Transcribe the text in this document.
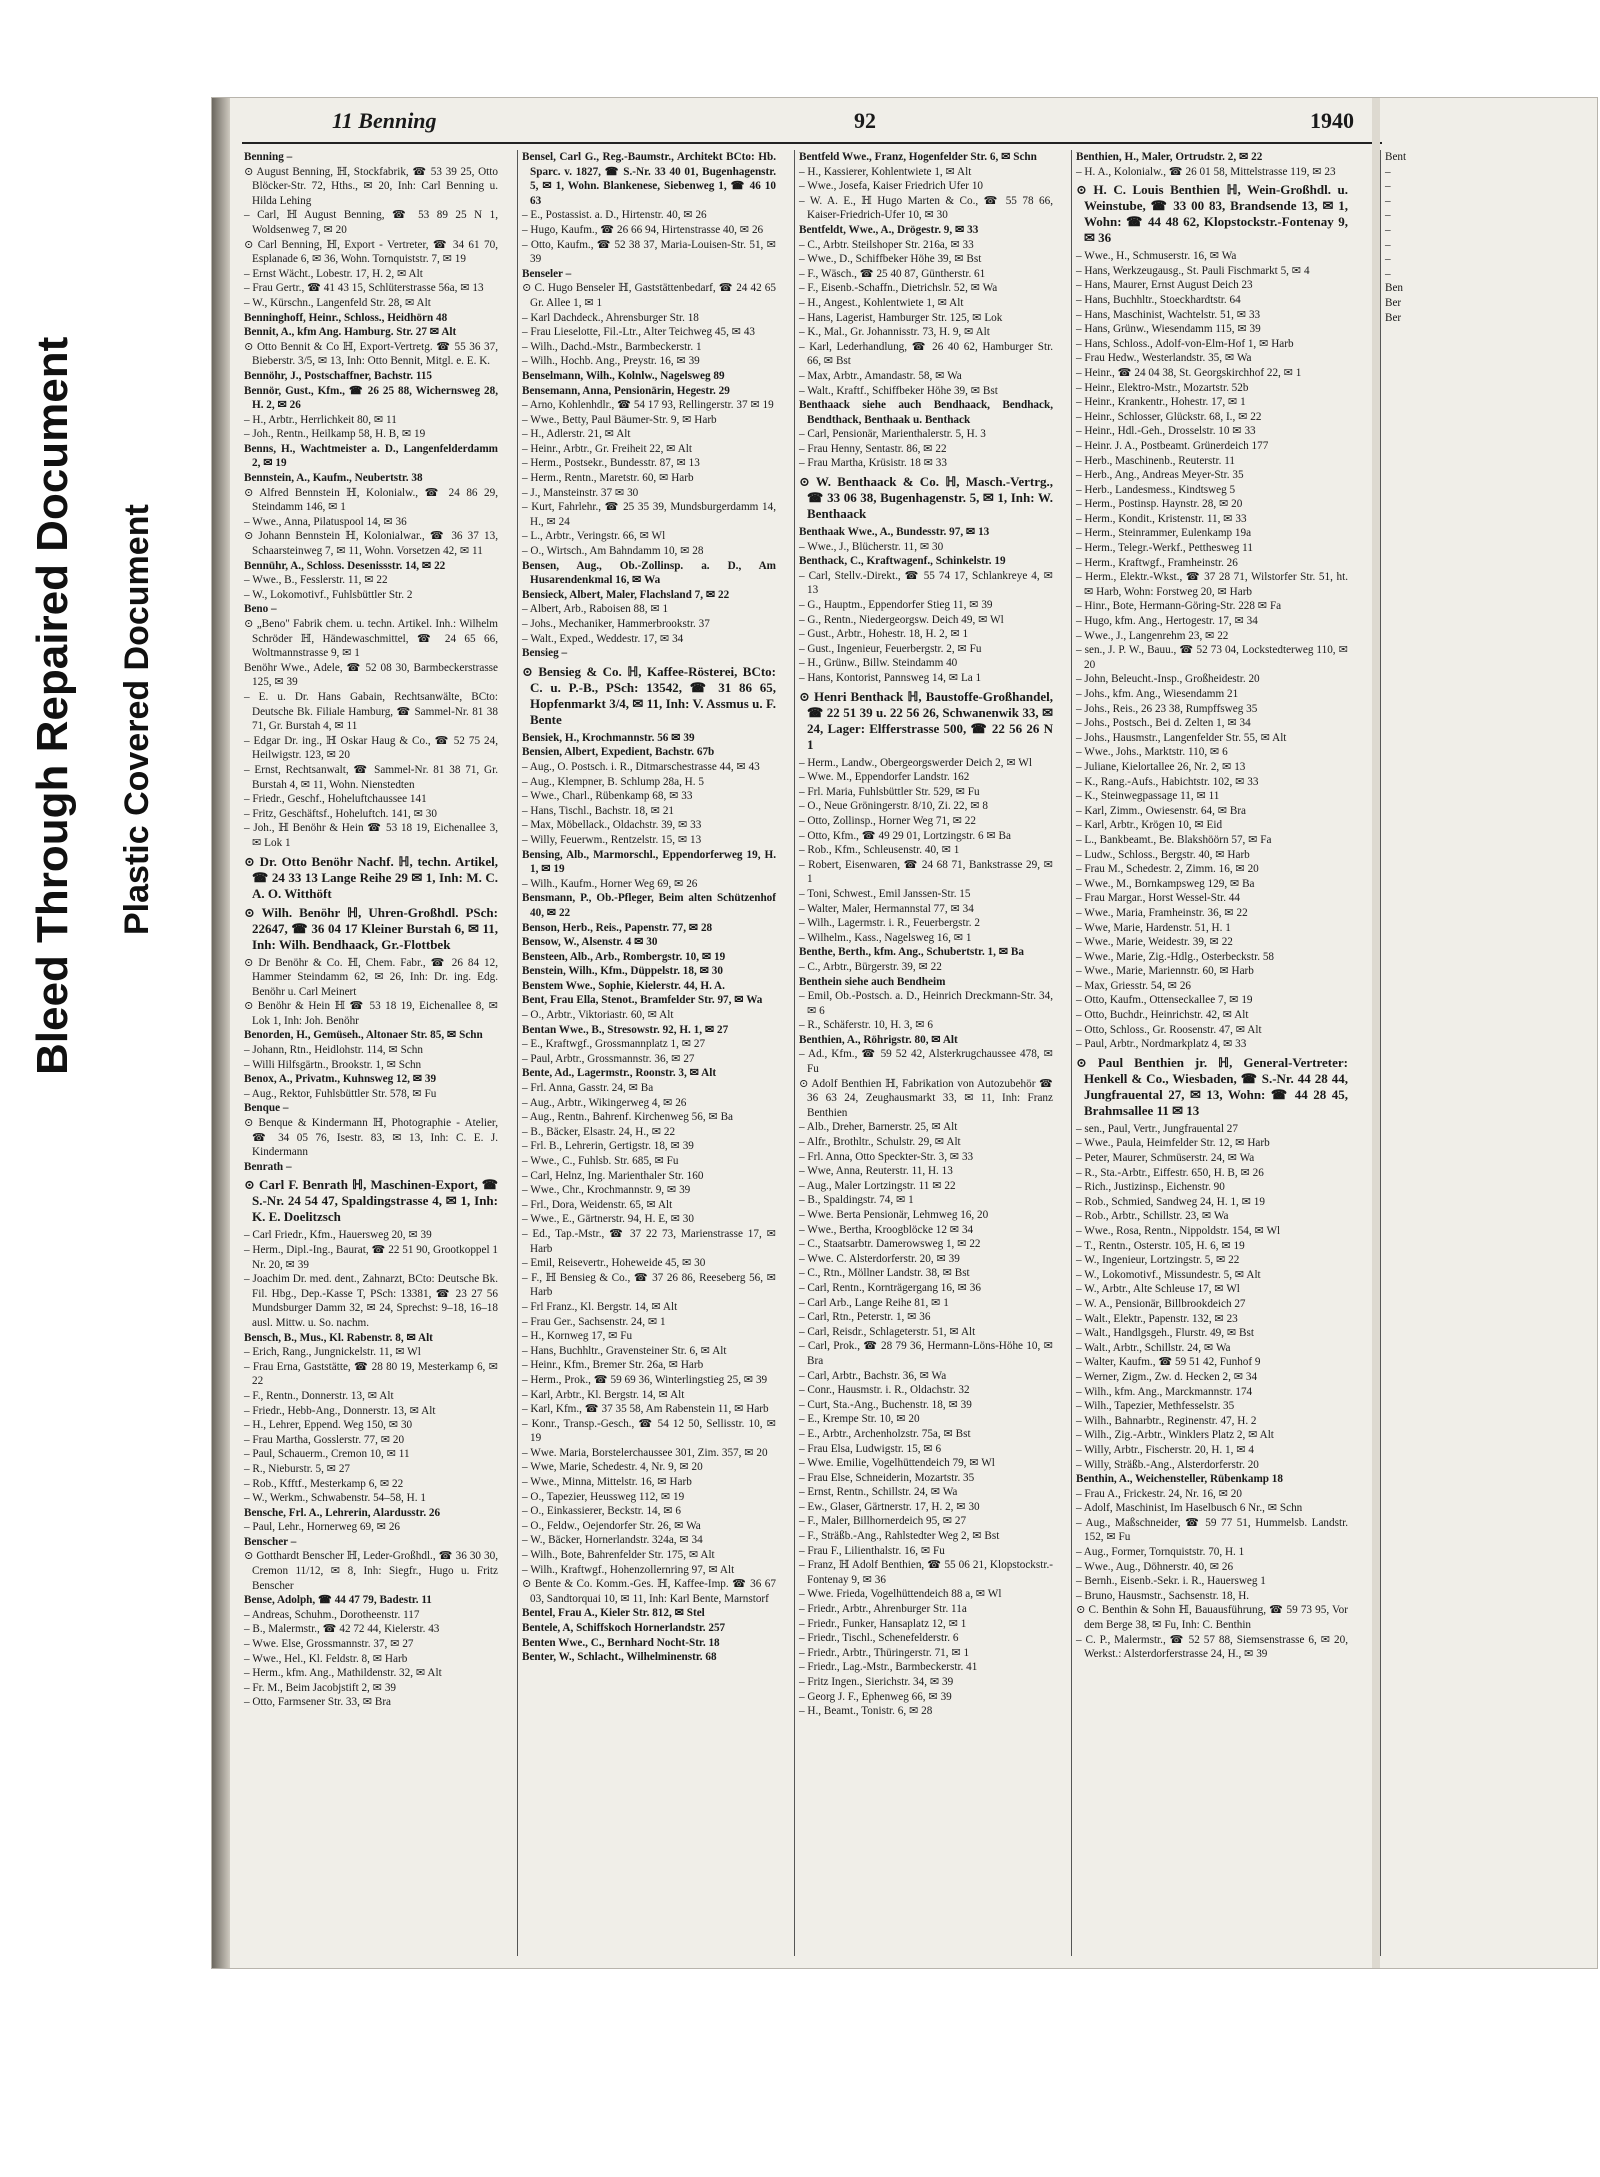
Bleed Through Repaired Document Plastic Covered Document
11 Benning	92	1940

Benning –

⊙ August Benning, ℍ, Stockfabrik, ☎ 53 39 25, Otto Blöcker-Str. 72, Hths., ✉ 20, Inh: Carl Benning u. Hilda Lehing

– Carl, ℍ August Benning, ☎ 53 89 25 N 1, Woldsenweg 7, ✉ 20

⊙ Carl Benning, ℍ, Export - Vertreter, ☎ 34 61 70, Esplanade 6, ✉ 36, Wohn. Tornquiststr. 7, ✉ 19

– Ernst Wächt., Lobestr. 17, H. 2, ✉ Alt

– Frau Gertr., ☎ 41 43 15, Schlüterstrasse 56a, ✉ 13

– W., Kürschn., Langenfeld Str. 28, ✉ Alt

Benninghoff, Heinr., Schloss., Heidhörn 48

Bennit, A., kfm Ang. Hamburg. Str. 27 ✉ Alt

⊙ Otto Bennit & Co ℍ, Export-Vertretg. ☎ 55 36 37, Bieberstr. 3/5, ✉ 13, Inh: Otto Bennit, Mitgl. e. E. K.

Bennöhr, J., Postschaffner, Bachstr. 115

Bennör, Gust., Kfm., ☎ 26 25 88, Wichernsweg 28, H. 2, ✉ 26

– H., Arbtr., Herrlichkeit 80, ✉ 11

– Joh., Rentn., Heilkamp 58, H. B, ✉ 19

Benns, H., Wachtmeister a. D., Langenfelderdamm 2, ✉ 19

Bennstein, A., Kaufm., Neubertstr. 38

⊙ Alfred Bennstein ℍ, Kolonialw., ☎ 24 86 29, Steindamm 146, ✉ 1

– Wwe., Anna, Pilatuspool 14, ✉ 36

⊙ Johann Bennstein ℍ, Kolonialwar., ☎ 36 37 13, Schaarsteinweg 7, ✉ 11, Wohn. Vorsetzen 42, ✉ 11

Bennühr, A., Schloss. Desenissstr. 14, ✉ 22

– Wwe., B., Fesslerstr. 11, ✉ 22

– W., Lokomotivf., Fuhlsbüttler Str. 2

Beno –

⊙ „Beno" Fabrik chem. u. techn. Artikel. Inh.: Wilhelm Schröder ℍ, Händewaschmittel, ☎ 24 65 66, Woltmannstrasse 9, ✉ 1

Benöhr Wwe., Adele, ☎ 52 08 30, Barmbeckerstrasse 125, ✉ 39

– E. u. Dr. Hans Gabain, Rechtsanwälte, BCto: Deutsche Bk. Filiale Hamburg, ☎ Sammel-Nr. 81 38 71, Gr. Burstah 4, ✉ 11

– Edgar Dr. ing., ℍ Oskar Haug & Co., ☎ 52 75 24, Heilwigstr. 123, ✉ 20

– Ernst, Rechtsanwalt, ☎ Sammel-Nr. 81 38 71, Gr. Burstah 4, ✉ 11, Wohn. Nienstedten

– Friedr., Geschf., Hoheluftchaussee 141

– Fritz, Geschäftsf., Hoheluftch. 141, ✉ 30

– Joh., ℍ Benöhr & Hein ☎ 53 18 19, Eichenallee 3, ✉ Lok 1

⊙ Dr. Otto Benöhr Nachf. ℍ, techn. Artikel, ☎ 24 33 13 Lange Reihe 29 ✉ 1, Inh: M. C. A. O. Witthöft

⊙ Wilh. Benöhr ℍ, Uhren-Großhdl. PSch: 22647, ☎ 36 04 17 Kleiner Burstah 6, ✉ 11, Inh: Wilh. Bendhaack, Gr.-Flottbek

⊙ Dr Benöhr & Co. ℍ, Chem. Fabr., ☎ 26 84 12, Hammer Steindamm 62, ✉ 26, Inh: Dr. ing. Edg. Benöhr u. Carl Meinert

⊙ Benöhr & Hein ℍ ☎ 53 18 19, Eichenallee 8, ✉ Lok 1, Inh: Joh. Benöhr

Benorden, H., Gemüseh., Altonaer Str. 85, ✉ Schn

– Johann, Rtn., Heidlohstr. 114, ✉ Schn

– Willi Hilfsgärtn., Brookstr. 1, ✉ Schn

Benox, A., Privatm., Kuhnsweg 12, ✉ 39

– Aug., Rektor, Fuhlsbüttler Str. 578, ✉ Fu

Benque –

⊙ Benque & Kindermann ℍ, Photographie - Atelier, ☎ 34 05 76, Isestr. 83, ✉ 13, Inh: C. E. J. Kindermann

Benrath –

⊙ Carl F. Benrath ℍ, Maschinen-Export, ☎ S.-Nr. 24 54 47, Spaldingstrasse 4, ✉ 1, Inh: K. E. Doelitzsch

– Carl Friedr., Kfm., Hauersweg 20, ✉ 39

– Herm., Dipl.-Ing., Baurat, ☎ 22 51 90, Grootkoppel 1 Nr. 20, ✉ 39

– Joachim Dr. med. dent., Zahnarzt, BCto: Deutsche Bk. Fil. Hbg., Dep.-Kasse T, PSch: 13381, ☎ 23 27 56 Mundsburger Damm 32, ✉ 24, Sprechst: 9–18, 16–18 ausl. Mittw. u. So. nachm.

Bensch, B., Mus., Kl. Rabenstr. 8, ✉ Alt

– Erich, Rang., Jungnickelstr. 11, ✉ Wl

– Frau Erna, Gaststätte, ☎ 28 80 19, Mesterkamp 6, ✉ 22

– F., Rentn., Donnerstr. 13, ✉ Alt

– Friedr., Hebb-Ang., Donnerstr. 13, ✉ Alt

– H., Lehrer, Eppend. Weg 150, ✉ 30

– Frau Martha, Gosslerstr. 77, ✉ 20

– Paul, Schauerm., Cremon 10, ✉ 11

– R., Nieburstr. 5, ✉ 27

– Rob., Kfftf., Mesterkamp 6, ✉ 22

– W., Werkm., Schwabenstr. 54–58, H. 1

Bensche, Frl. A., Lehrerin, Alardusstr. 26

– Paul, Lehr., Hornerweg 69, ✉ 26

Benscher –

⊙ Gotthardt Benscher ℍ, Leder-Großhdl., ☎ 36 30 30, Cremon 11/12, ✉ 8, Inh: Siegfr., Hugo u. Fritz Benscher

Bense, Adolph, ☎ 44 47 79, Badestr. 11

– Andreas, Schuhm., Dorotheenstr. 117

– B., Malermstr., ☎ 42 72 44, Kielerstr. 43

– Wwe. Else, Grossmannstr. 37, ✉ 27

– Wwe., Hel., Kl. Feldstr. 8, ✉ Harb

– Herm., kfm. Ang., Mathildenstr. 32, ✉ Alt

– Fr. M., Beim Jacobjstift 2, ✉ 39

– Otto, Farmsener Str. 33, ✉ Bra

Bensel, Carl G., Reg.-Baumstr., Architekt BCto: Hb. Sparc. v. 1827, ☎ S.-Nr. 33 40 01, Bugenhagenstr. 5, ✉ 1, Wohn. Blankenese, Siebenweg 1, ☎ 46 10 63

– E., Postassist. a. D., Hirtenstr. 40, ✉ 26

– Hugo, Kaufm., ☎ 26 66 94, Hirtenstrasse 40, ✉ 26

– Otto, Kaufm., ☎ 52 38 37, Maria-Louisen-Str. 51, ✉ 39

Benseler –

⊙ C. Hugo Benseler ℍ, Gaststättenbedarf, ☎ 24 42 65 Gr. Allee 1, ✉ 1

– Karl Dachdeck., Ahrensburger Str. 18

– Frau Lieselotte, Fil.-Ltr., Alter Teichweg 45, ✉ 43

– Wilh., Dachd.-Mstr., Barmbeckerstr. 1

– Wilh., Hochb. Ang., Preystr. 16, ✉ 39

Benselmann, Wilh., Kolnlw., Nagelsweg 89

Bensemann, Anna, Pensionärin, Hegestr. 29

– Arno, Kohlenhdlr., ☎ 54 17 93, Rellingerstr. 37 ✉ 19

– Wwe., Betty, Paul Bäumer-Str. 9, ✉ Harb

– H., Adlerstr. 21, ✉ Alt

– Heinr., Arbtr., Gr. Freiheit 22, ✉ Alt

– Herm., Postsekr., Bundesstr. 87, ✉ 13

– Herm., Rentn., Maretstr. 60, ✉ Harb

– J., Mansteinstr. 37 ✉ 30

– Kurt, Fahrlehr., ☎ 25 35 39, Mundsburgerdamm 14, H., ✉ 24

– L., Arbtr., Veringstr. 66, ✉ Wl

– O., Wirtsch., Am Bahndamm 10, ✉ 28

Bensen, Aug., Ob.-Zollinsp. a. D., Am Husarendenkmal 16, ✉ Wa

Bensieck, Albert, Maler, Flachsland 7, ✉ 22

– Albert, Arb., Raboisen 88, ✉ 1

– Johs., Mechaniker, Hammerbrookstr. 37

– Walt., Exped., Weddestr. 17, ✉ 34

Bensieg –

⊙ Bensieg & Co. ℍ, Kaffee-Rösterei, BCto: C. u. P.-B., PSch: 13542, ☎ 31 86 65, Hopfenmarkt 3/4, ✉ 11, Inh: V. Assmus u. F. Bente

Bensiek, H., Krochmannstr. 56 ✉ 39

Bensien, Albert, Expedient, Bachstr. 67b

– Aug., O. Postsch. i. R., Ditmarschestrasse 44, ✉ 43

– Aug., Klempner, B. Schlump 28a, H. 5

– Wwe., Charl., Rübenkamp 68, ✉ 33

– Hans, Tischl., Bachstr. 18, ✉ 21

– Max, Möbellack., Oldachstr. 39, ✉ 33

– Willy, Feuerwm., Rentzelstr. 15, ✉ 13

Bensing, Alb., Marmorschl., Eppendorferweg 19, H. 1, ✉ 19

– Wilh., Kaufm., Horner Weg 69, ✉ 26

Bensmann, P., Ob.-Pfleger, Beim alten Schützenhof 40, ✉ 22

Benson, Herb., Reis., Papenstr. 77, ✉ 28

Bensow, W., Alsenstr. 4 ✉ 30

Bensteen, Alb., Arb., Rombergstr. 10, ✉ 19

Benstein, Wilh., Kfm., Düppelstr. 18, ✉ 30

Benstem Wwe., Sophie, Kielerstr. 44, H. A.

Bent, Frau Ella, Stenot., Bramfelder Str. 97, ✉ Wa

– O., Arbtr., Viktoriastr. 60, ✉ Alt

Bentan Wwe., B., Stresowstr. 92, H. 1, ✉ 27

– E., Kraftwgf., Grossmannplatz 1, ✉ 27

– Paul, Arbtr., Grossmannstr. 36, ✉ 27

Bente, Ad., Lagermstr., Roonstr. 3, ✉ Alt

– Frl. Anna, Gasstr. 24, ✉ Ba

– Aug., Arbtr., Wikingerweg 4, ✉ 26

– Aug., Rentn., Bahrenf. Kirchenweg 56, ✉ Ba

– B., Bäcker, Elsastr. 24, H., ✉ 22

– Frl. B., Lehrerin, Gertigstr. 18, ✉ 39

– Wwe., C., Fuhlsb. Str. 685, ✉ Fu

– Carl, Helnz, Ing. Marienthaler Str. 160

– Wwe., Chr., Krochmannstr. 9, ✉ 39

– Frl., Dora, Weidenstr. 65, ✉ Alt

– Wwe., E., Gärtnerstr. 94, H. E, ✉ 30

– Ed., Tap.-Mstr., ☎ 37 22 73, Marienstrasse 17, ✉ Harb

– Emil, Reisevertr., Hoheweide 45, ✉ 30

– F., ℍ Bensieg & Co., ☎ 37 26 86, Reeseberg 56, ✉ Harb

– Frl Franz., Kl. Bergstr. 14, ✉ Alt

– Frau Ger., Sachsenstr. 24, ✉ 1

– H., Kornweg 17, ✉ Fu

– Hans, Buchhltr., Gravensteiner Str. 6, ✉ Alt

– Heinr., Kfm., Bremer Str. 26a, ✉ Harb

– Herm., Prok., ☎ 59 69 36, Winterlingstieg 25, ✉ 39

– Karl, Arbtr., Kl. Bergstr. 14, ✉ Alt

– Karl, Kfm., ☎ 37 35 58, Am Rabenstein 11, ✉ Harb

– Konr., Transp.-Gesch., ☎ 54 12 50, Sellisstr. 10, ✉ 19

– Wwe. Maria, Borstelerchaussee 301, Zim. 357, ✉ 20

– Wwe, Marie, Schedestr. 4, Nr. 9, ✉ 20

– Wwe., Minna, Mittelstr. 16, ✉ Harb

– O., Tapezier, Heussweg 112, ✉ 19

– O., Einkassierer, Beckstr. 14, ✉ 6

– O., Feldw., Oejendorfer Str. 26, ✉ Wa

– W., Bäcker, Hornerlandstr. 324a, ✉ 34

– Wilh., Bote, Bahrenfelder Str. 175, ✉ Alt

– Wilh., Kraftwgf., Hohenzollernring 97, ✉ Alt

⊙ Bente & Co. Komm.-Ges. ℍ, Kaffee-Imp. ☎ 36 67 03, Sandtorquai 10, ✉ 11, Inh: Karl Bente, Marnstorf

Bentel, Frau A., Kieler Str. 812, ✉ Stel

Bentele, A, Schiffskoch Hornerlandstr. 257

Benten Wwe., C., Bernhard Nocht-Str. 18

Benter, W., Schlacht., Wilhelminenstr. 68

Bentfeld Wwe., Franz, Hogenfelder Str. 6, ✉ Schn

– H., Kassierer, Kohlentwiete 1, ✉ Alt

– Wwe., Josefa, Kaiser Friedrich Ufer 10

– W. A. E., ℍ Hugo Marten & Co., ☎ 55 78 66, Kaiser-Friedrich-Ufer 10, ✉ 30

Bentfeldt, Wwe., A., Drögestr. 9, ✉ 33

– C., Arbtr. Steilshoper Str. 216a, ✉ 33

– Wwe., D., Schiffbeker Höhe 39, ✉ Bst

– F., Wäsch., ☎ 25 40 87, Güntherstr. 61

– F., Eisenb.-Schaffn., Dietrichslr. 52, ✉ Wa

– H., Angest., Kohlentwiete 1, ✉ Alt

– Hans, Lagerist, Hamburger Str. 125, ✉ Lok

– K., Mal., Gr. Johannisstr. 73, H. 9, ✉ Alt

– Karl, Lederhandlung, ☎ 26 40 62, Hamburger Str. 66, ✉ Bst

– Max, Arbtr., Amandastr. 58, ✉ Wa

– Walt., Kraftf., Schiffbeker Höhe 39, ✉ Bst

Benthaack siehe auch Bendhaack, Bendhack, Bendthack, Benthaak u. Benthack

– Carl, Pensionär, Marienthalerstr. 5, H. 3

– Frau Henny, Sentastr. 86, ✉ 22

– Frau Martha, Krüsistr. 18 ✉ 33

⊙ W. Benthaack & Co. ℍ, Masch.-Vertrg., ☎ 33 06 38, Bugenhagenstr. 5, ✉ 1, Inh: W. Benthaack

Benthaak Wwe., A., Bundesstr. 97, ✉ 13

– Wwe., J., Blücherstr. 11, ✉ 30

Benthack, C., Kraftwagenf., Schinkelstr. 19

– Carl, Stellv.-Direkt., ☎ 55 74 17, Schlankreye 4, ✉ 13

– G., Hauptm., Eppendorfer Stieg 11, ✉ 39

– G., Rentn., Niedergeorgsw. Deich 49, ✉ Wl

– Gust., Arbtr., Hohestr. 18, H. 2, ✉ 1

– Gust., Ingenieur, Feuerbergstr. 2, ✉ Fu

– H., Grünw., Billw. Steindamm 40

– Hans, Kontorist, Pannsweg 14, ✉ La 1

⊙ Henri Benthack ℍ, Baustoffe-Großhandel, ☎ 22 51 39 u. 22 56 26, Schwanenwik 33, ✉ 24, Lager: Elfferstrasse 500, ☎ 22 56 26 N 1

– Herm., Landw., Obergeorgswerder Deich 2, ✉ Wl

– Wwe. M., Eppendorfer Landstr. 162

– Frl. Maria, Fuhlsbüttler Str. 529, ✉ Fu

– O., Neue Gröningerstr. 8/10, Zi. 22, ✉ 8

– Otto, Zollinsp., Horner Weg 71, ✉ 22

– Otto, Kfm., ☎ 49 29 01, Lortzingstr. 6 ✉ Ba

– Rob., Kfm., Schleusenstr. 40, ✉ 1

– Robert, Eisenwaren, ☎ 24 68 71, Bankstrasse 29, ✉ 1

– Toni, Schwest., Emil Janssen-Str. 15

– Walter, Maler, Hermannstal 77, ✉ 34

– Wilh., Lagermstr. i. R., Feuerbergstr. 2

– Wilhelm., Kass., Nagelsweg 16, ✉ 1

Benthe, Berth., kfm. Ang., Schubertstr. 1, ✉ Ba

– C., Arbtr., Bürgerstr. 39, ✉ 22

Benthein siehe auch Bendheim

– Emil, Ob.-Postsch. a. D., Heinrich Dreckmann-Str. 34, ✉ 6

– R., Schäferstr. 10, H. 3, ✉ 6

Benthien, A., Röhrigstr. 80, ✉ Alt

– Ad., Kfm., ☎ 59 52 42, Alsterkrugchaussee 478, ✉ Fu

⊙ Adolf Benthien ℍ, Fabrikation von Autozubehör ☎ 36 63 24, Zeughausmarkt 33, ✉ 11, Inh: Franz Benthien

– Alb., Dreher, Barnerstr. 25, ✉ Alt

– Alfr., Brothltr., Schulstr. 29, ✉ Alt

– Frl. Anna, Otto Speckter-Str. 3, ✉ 33

– Wwe, Anna, Reuterstr. 11, H. 13

– Aug., Maler Lortzingstr. 11 ✉ 22

– B., Spaldingstr. 74, ✉ 1

– Wwe. Berta Pensionär, Lehmweg 16, 20

– Wwe., Bertha, Kroogblöcke 12 ✉ 34

– C., Staatsarbtr. Damerowsweg 1, ✉ 22

– Wwe. C. Alsterdorferstr. 20, ✉ 39

– C., Rtn., Möllner Landstr. 38, ✉ Bst

– Carl, Rentn., Kornträgergang 16, ✉ 36

– Carl Arb., Lange Reihe 81, ✉ 1

– Carl, Rtn., Peterstr. 1, ✉ 36

– Carl, Reisdr., Schlageterstr. 51, ✉ Alt

– Carl, Prok., ☎ 28 79 36, Hermann-Löns-Höhe 10, ✉ Bra

– Carl, Arbtr., Bachstr. 36, ✉ Wa

– Conr., Hausmstr. i. R., Oldachstr. 32

– Curt, Sta.-Ang., Buchenstr. 18, ✉ 39

– E., Krempe Str. 10, ✉ 20

– E., Arbtr., Archenholzstr. 75a, ✉ Bst

– Frau Elsa, Ludwigstr. 15, ✉ 6

– Wwe. Emilie, Vogelhüttendeich 79, ✉ Wl

– Frau Else, Schneiderin, Mozartstr. 35

– Ernst, Rentn., Schillstr. 24, ✉ Wa

– Ew., Glaser, Gärtnerstr. 17, H. 2, ✉ 30

– F., Maler, Billhornerdeich 95, ✉ 27

– F., Sträßb.-Ang., Rahlstedter Weg 2, ✉ Bst

– Frau F., Lilienthalstr. 16, ✉ Fu

– Franz, ℍ Adolf Benthien, ☎ 55 06 21, Klopstockstr.-Fontenay 9, ✉ 36

– Wwe. Frieda, Vogelhüttendeich 88 a, ✉ Wl

– Friedr., Arbtr., Ahrenburger Str. 11a

– Friedr., Funker, Hansaplatz 12, ✉ 1

– Friedr., Tischl., Schenefelderstr. 6

– Friedr., Arbtr., Thüringerstr. 71, ✉ 1

– Friedr., Lag.-Mstr., Barmbeckerstr. 41

– Fritz Ingen., Sierichstr. 34, ✉ 39

– Georg J. F., Ephenweg 66, ✉ 39

– H., Beamt., Tonistr. 6, ✉ 28

Benthien, H., Maler, Ortrudstr. 2, ✉ 22

– H. A., Kolonialw., ☎ 26 01 58, Mittelstrasse 119, ✉ 23

⊙ H. C. Louis Benthien ℍ, Wein-Großhdl. u. Weinstube, ☎ 33 00 83, Brandsende 13, ✉ 1, Wohn: ☎ 44 48 62, Klopstockstr.-Fontenay 9, ✉ 36

– Wwe., H., Schmuserstr. 16, ✉ Wa

– Hans, Werkzeugausg., St. Pauli Fischmarkt 5, ✉ 4

– Hans, Maurer, Ernst August Deich 23

– Hans, Buchhltr., Stoeckhardtstr. 64

– Hans, Maschinist, Wachtelstr. 51, ✉ 33

– Hans, Grünw., Wiesendamm 115, ✉ 39

– Hans, Schloss., Adolf-von-Elm-Hof 1, ✉ Harb

– Frau Hedw., Westerlandstr. 35, ✉ Wa

– Heinr., ☎ 24 04 38, St. Georgskirchhof 22, ✉ 1

– Heinr., Elektro-Mstr., Mozartstr. 52b

– Heinr., Krankentr., Hohestr. 17, ✉ 1

– Heinr., Schlosser, Glückstr. 68, I., ✉ 22

– Heinr., Hdl.-Geh., Drosselstr. 10 ✉ 33

– Heinr. J. A., Postbeamt. Grünerdeich 177

– Herb., Maschinenb., Reuterstr. 11

– Herb., Ang., Andreas Meyer-Str. 35

– Herb., Landesmess., Kindtsweg 5

– Herm., Postinsp. Haynstr. 28, ✉ 20

– Herm., Kondit., Kristenstr. 11, ✉ 33

– Herm., Steinrammer, Eulenkamp 19a

– Herm., Telegr.-Werkf., Petthesweg 11

– Herm., Kraftwgf., Framheinstr. 26

– Herm., Elektr.-Wkst., ☎ 37 28 71, Wilstorfer Str. 51, ht. ✉ Harb, Wohn: Forstweg 20, ✉ Harb

– Hinr., Bote, Hermann-Göring-Str. 228 ✉ Fa

– Hugo, kfm. Ang., Hertogestr. 17, ✉ 34

– Wwe., J., Langenrehm 23, ✉ 22

– sen., J. P. W., Bauu., ☎ 52 73 04, Lockstedterweg 110, ✉ 20

– John, Beleucht.-Insp., Großheidestr. 20

– Johs., kfm. Ang., Wiesendamm 21

– Johs., Reis., 26 23 38, Rumpffsweg 35

– Johs., Postsch., Bei d. Zelten 1, ✉ 34

– Johs., Hausmstr., Langenfelder Str. 55, ✉ Alt

– Wwe., Johs., Marktstr. 110, ✉ 6

– Juliane, Kielortallee 26, Nr. 2, ✉ 13

– K., Rang.-Aufs., Habichtstr. 102, ✉ 33

– K., Steinwegpassage 11, ✉ 11

– Karl, Zimm., Owiesenstr. 64, ✉ Bra

– Karl, Arbtr., Krögen 10, ✉ Eid

– L., Bankbeamt., Be. Blakshöörn 57, ✉ Fa

– Ludw., Schloss., Bergstr. 40, ✉ Harb

– Frau M., Schedestr. 2, Zimm. 16, ✉ 20

– Wwe., M., Bornkampsweg 129, ✉ Ba

– Frau Margar., Horst Wessel-Str. 44

– Wwe., Maria, Framheinstr. 36, ✉ 22

– Wwe, Marie, Hardenstr. 51, H. 1

– Wwe., Marie, Weidestr. 39, ✉ 22

– Wwe., Marie, Zig.-Hdlg., Osterbeckstr. 58

– Wwe., Marie, Mariennstr. 60, ✉ Harb

– Max, Griesstr. 54, ✉ 26

– Otto, Kaufm., Ottenseckallee 7, ✉ 19

– Otto, Buchdr., Heinrichstr. 42, ✉ Alt

– Otto, Schloss., Gr. Roosenstr. 47, ✉ Alt

– Paul, Arbtr., Nordmarkplatz 4, ✉ 33

⊙ Paul Benthien jr. ℍ, General-Vertreter: Henkell & Co., Wiesbaden, ☎ S.-Nr. 44 28 44, Jungfrauental 27, ✉ 13, Wohn: ☎ 44 28 45, Brahmsallee 11 ✉ 13

– sen., Paul, Vertr., Jungfrauental 27

– Wwe., Paula, Heimfelder Str. 12, ✉ Harb

– Peter, Maurer, Schmüserstr. 24, ✉ Wa

– R., Sta.-Arbtr., Eiffestr. 650, H. B, ✉ 26

– Rich., Justizinsp., Eichenstr. 90

– Rob., Schmied, Sandweg 24, H. 1, ✉ 19

– Rob., Arbtr., Schillstr. 23, ✉ Wa

– Wwe., Rosa, Rentn., Nippoldstr. 154, ✉ Wl

– T., Rentn., Osterstr. 105, H. 6, ✉ 19

– W., Ingenieur, Lortzingstr. 5, ✉ 22

– W., Lokomotivf., Missundestr. 5, ✉ Alt

– W., Arbtr., Alte Schleuse 17, ✉ Wl

– W. A., Pensionär, Billbrookdeich 27

– Walt., Elektr., Papenstr. 132, ✉ 23

– Walt., Handlgsgeh., Flurstr. 49, ✉ Bst

– Walt., Arbtr., Schillstr. 24, ✉ Wa

– Walter, Kaufm., ☎ 59 51 42, Funhof 9

– Werner, Zigm., Zw. d. Hecken 2, ✉ 34

– Wilh., kfm. Ang., Marckmannstr. 174

– Wilh., Tapezier, Methfesselstr. 35

– Wilh., Bahnarbtr., Reginenstr. 47, H. 2

– Wilh., Zig.-Arbtr., Winklers Platz 2, ✉ Alt

– Willy, Arbtr., Fischerstr. 20, H. 1, ✉ 4

– Willy, Sträßb.-Ang., Alsterdorferstr. 20

Benthin, A., Weichensteller, Rübenkamp 18

– Frau A., Frickestr. 24, Nr. 16, ✉ 20

– Adolf, Maschinist, Im Haselbusch 6 Nr., ✉ Schn

– Aug., Maßschneider, ☎ 59 77 51, Hummelsb. Landstr. 152, ✉ Fu

– Aug., Former, Tornquiststr. 70, H. 1

– Wwe., Aug., Döhnerstr. 40, ✉ 26

– Bernh., Eisenb.-Sekr. i. R., Hauersweg 1

– Bruno, Hausmstr., Sachsenstr. 18, H.

⊙ C. Benthin & Sohn ℍ, Bauausführung, ☎ 59 73 95, Vor dem Berge 38, ✉ Fu, Inh: C. Benthin

– C. P., Malermstr., ☎ 52 57 88, Siemsenstrasse 6, ✉ 20, Werkst.: Alsterdorferstrasse 24, H., ✉ 39

Bent

–

–

–

–

–

–

–

–

Ben

Ber

Ber
